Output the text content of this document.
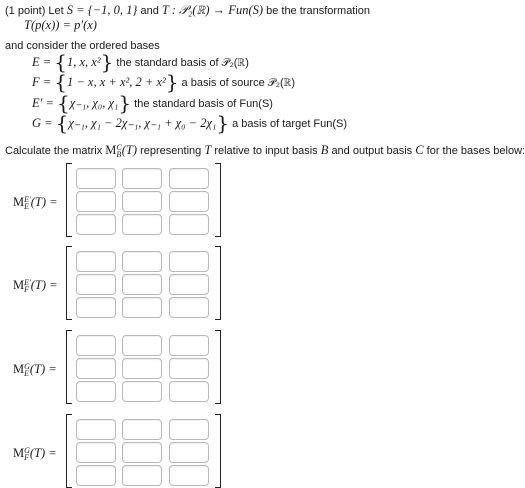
(1 point) Let S = {−1, 0, 1} and T : 𝒫₂(ℝ) → Fun(S) be the transformation
T(p(x)) = p′(x)
and consider the ordered bases
E = {1, x, x²} the standard basis of 𝒫₂(ℝ)
F = {1 − x, x + x², 2 + x²} a basis of source 𝒫₂(ℝ)
E′ = {χ₋₁, χ₀, χ₁} the standard basis of Fun(S)
G = {χ₋₁, χ₁ − 2χ₋₁, χ₋₁ + χ₀ − 2χ₁} a basis of target Fun(S)
Calculate the matrix MC
B(T) representing T relative to input basis B and output basis C for the bases below:
ME′
E (T) =
ME′
F (T) =
MG
E(T) =
MG
F(T) =
